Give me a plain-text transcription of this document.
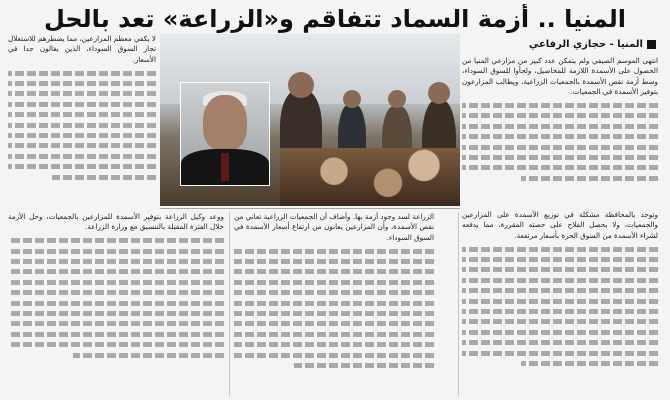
المنيا .. أزمة السماد تتفاقم و«الزراعة» تعد بالحل
المنيا - حجازي الرفاعي

انتهى الموسم الصيفي ولم يتمكن عدد كبير من مزارعي المنيا من الحصول على الأسمدة اللازمة للمحاصيل، ولجأوا للسوق السوداء، وسط أزمة نقص الأسمدة بالجمعيات الزراعية، ويطالب المزارعون بتوفير الأسمدة في الجمعيات.

لا يكفي معظم المزارعين، مما يضطرهم للاستغلال تجار السوق السوداء، الذين يغالون جدا في الأسعار.

وتوجد بالمحافظة مشكلة في توزيع الأسمدة على المزارعين والجمعيات، ولا يحصل الفلاح على حصته المقررة، مما يدفعه لشراء الأسمدة من السوق الحرة بأسعار مرتفعة.

الزراعة لسد وجود أزمة بها. وأضاف أن الجمعيات الزراعية تعاني من نقص الأسمدة، وأن المزارعين يعانون من ارتفاع أسعار الأسمدة في السوق السوداء.

ووعد وكيل الزراعة بتوفير الأسمدة للمزارعين بالجمعيات، وحل الأزمة خلال الفترة المقبلة بالتنسيق مع وزارة الزراعة.
